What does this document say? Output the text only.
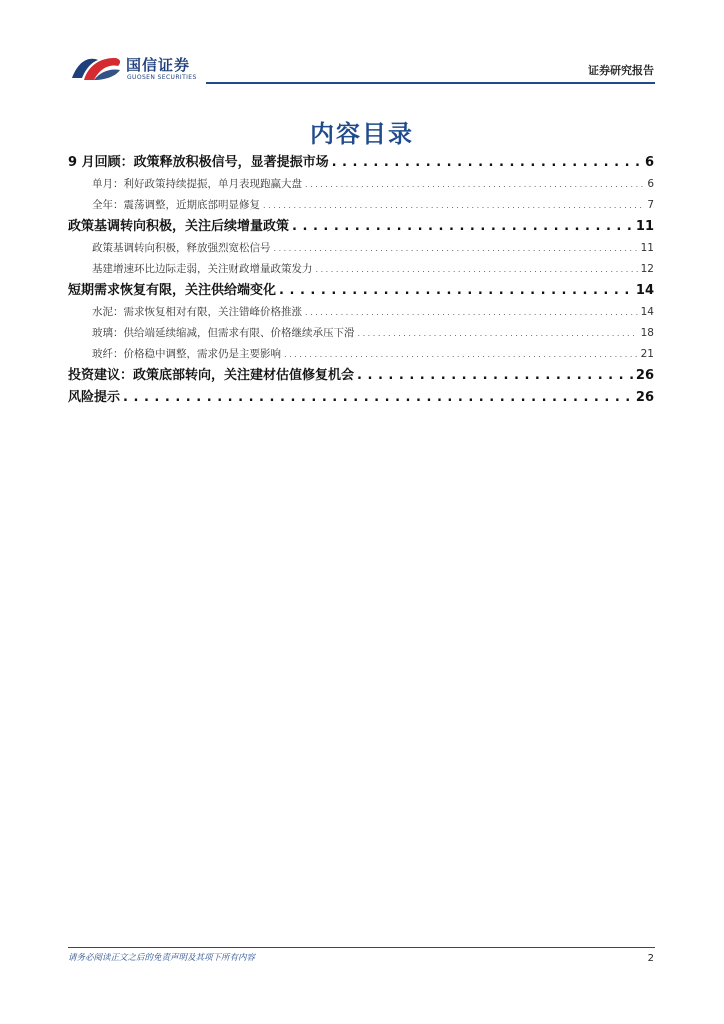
国信证券
GUOSEN SECURITIES
证券研究报告
内容目录
9 月回顾：政策释放积极信号，显著提振市场 . . .	6
单月：利好政策持续提振，单月表现跑赢大盘 . . .	6
全年：震荡调整，近期底部明显修复 . . .	7
政策基调转向积极，关注后续增量政策 . . .	11
政策基调转向积极，释放强烈宽松信号 . . .	11
基建增速环比边际走弱，关注财政增量政策发力 . . .	12
短期需求恢复有限，关注供给端变化 . . .	14
水泥：需求恢复相对有限，关注错峰价格推涨 . . .	14
玻璃：供给端延续缩减，但需求有限、价格继续承压下滑 . . .	18
玻纤：价格稳中调整，需求仍是主要影响 . . .	21
投资建议：政策底部转向，关注建材估值修复机会 . . .	26
风险提示 . . .	26
请务必阅读正文之后的免责声明及其项下所有内容	2
